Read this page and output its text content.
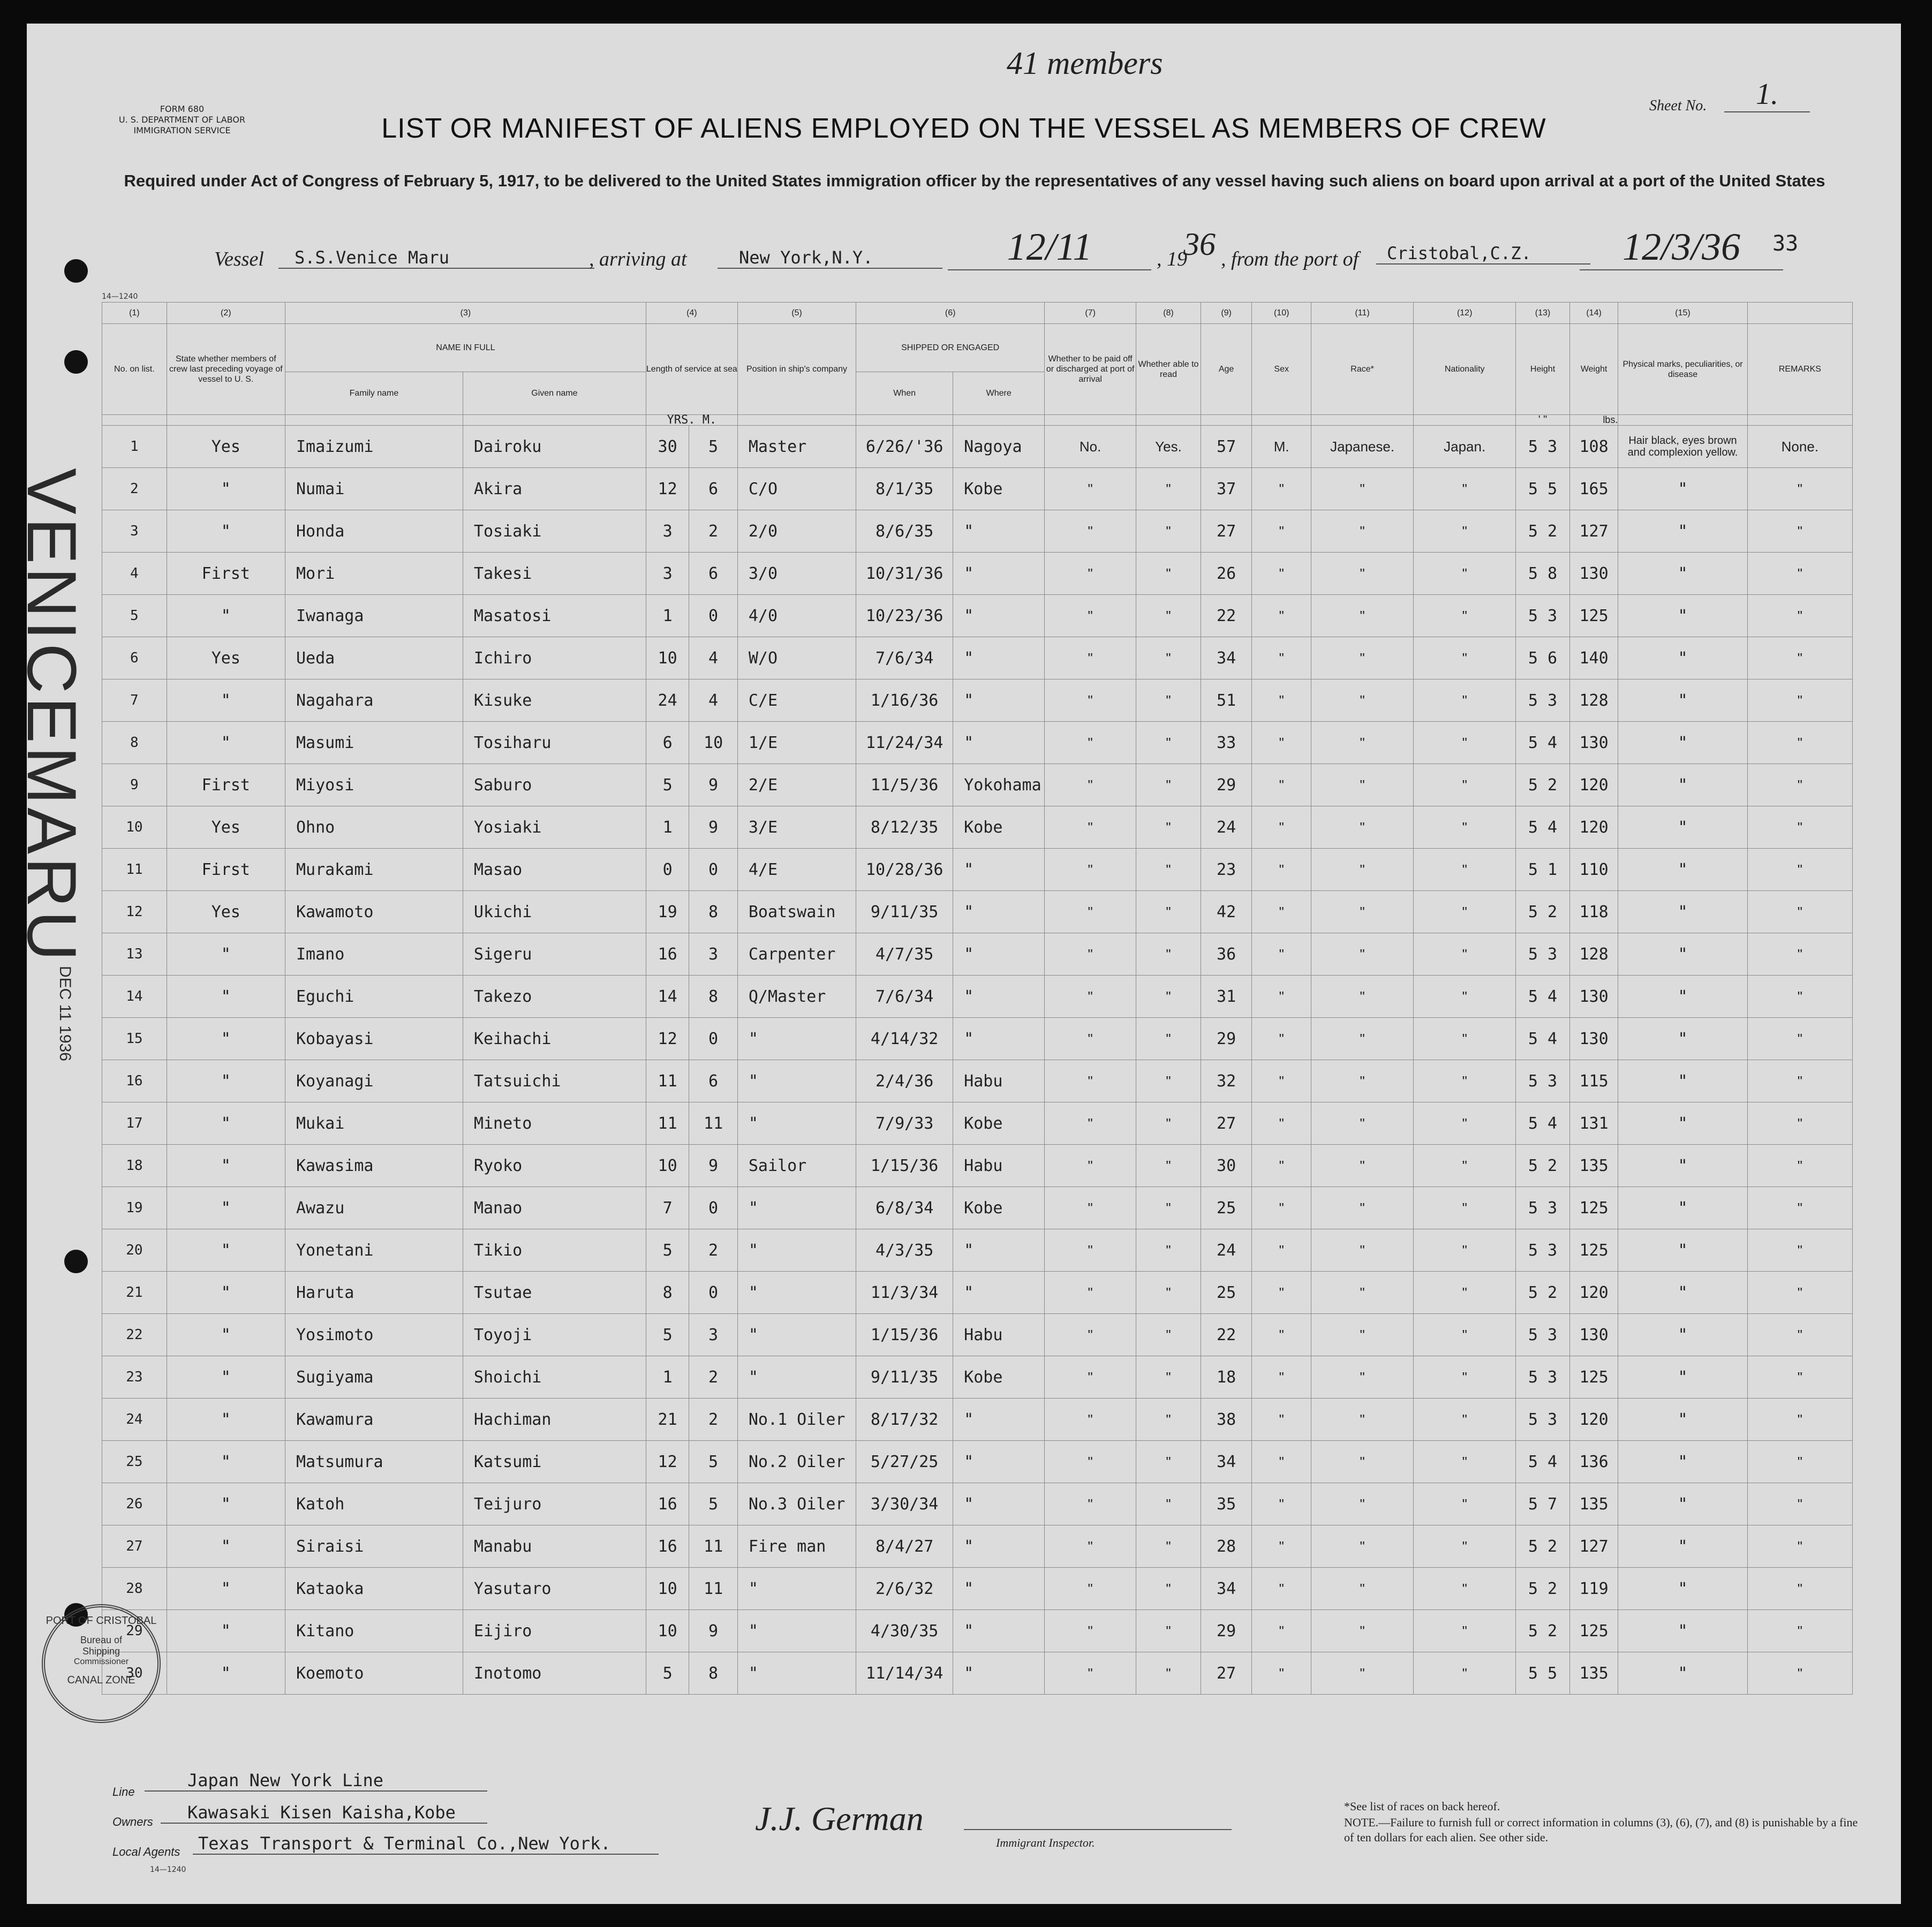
FORM 680
U. S. DEPARTMENT OF LABOR
IMMIGRATION SERVICE
41 members
Sheet No.	1.
LIST OR MANIFEST OF ALIENS EMPLOYED ON THE VESSEL AS MEMBERS OF CREW
Required under Act of Congress of February 5, 1917, to be delivered to the United States immigration officer by the representatives of any vessel having such aliens on board upon arrival at a port of the United States
Vessel	S.S.Venice Maru	, arriving at	New York,N.Y.	12/11	, 19
36 , from the port of	Cristobal,C.Z.	12/3/36	33
14—1240
VENICEMARU
DEC 11 1936
(1)	(2)	(3)		(4)		(5)	(6)		(7)	(8)	(9)	(10)	(11)	(12)	(13)	(14)	(15)	
No. on list.	State whether members of crew last preceding voyage of vessel to U. S.	NAME IN FULL		Length of service at sea		Position in ship's company	SHIPPED OR ENGAGED		Whether to be paid off or discharged at port of arrival	Whether able to read	Age	Sex	Race*	Nationality	Height	Weight	Physical marks, peculiarities, or disease	REMARKS
		Family name	Given name				When	Where										
				YRS. M.											' "	lbs.		
1	Yes	Imaizumi	Dairoku	30	5	Master	6/26/'36	Nagoya	No.	Yes.	57	M.	Japanese.	Japan.	5 3	108	Hair black, eyes brown and complexion yellow.	None.
2	"	Numai	Akira	12	6	C/O	8/1/35	Kobe	"	"	37	"	"	"	5 5	165	"	"
3	"	Honda	Tosiaki	3	2	2/0	8/6/35	"	"	"	27	"	"	"	5 2	127	"	"
4	First	Mori	Takesi	3	6	3/0	10/31/36	"	"	"	26	"	"	"	5 8	130	"	"
5	"	Iwanaga	Masatosi	1	0	4/0	10/23/36	"	"	"	22	"	"	"	5 3	125	"	"
6	Yes	Ueda	Ichiro	10	4	W/O	7/6/34	"	"	"	34	"	"	"	5 6	140	"	"
7	"	Nagahara	Kisuke	24	4	C/E	1/16/36	"	"	"	51	"	"	"	5 3	128	"	"
8	"	Masumi	Tosiharu	6	10	1/E	11/24/34	"	"	"	33	"	"	"	5 4	130	"	"
9	First	Miyosi	Saburo	5	9	2/E	11/5/36	Yokohama	"	"	29	"	"	"	5 2	120	"	"
10	Yes	Ohno	Yosiaki	1	9	3/E	8/12/35	Kobe	"	"	24	"	"	"	5 4	120	"	"
11	First	Murakami	Masao	0	0	4/E	10/28/36	"	"	"	23	"	"	"	5 1	110	"	"
12	Yes	Kawamoto	Ukichi	19	8	Boatswain	9/11/35	"	"	"	42	"	"	"	5 2	118	"	"
13	"	Imano	Sigeru	16	3	Carpenter	4/7/35	"	"	"	36	"	"	"	5 3	128	"	"
14	"	Eguchi	Takezo	14	8	Q/Master	7/6/34	"	"	"	31	"	"	"	5 4	130	"	"
15	"	Kobayasi	Keihachi	12	0	"	4/14/32	"	"	"	29	"	"	"	5 4	130	"	"
16	"	Koyanagi	Tatsuichi	11	6	"	2/4/36	Habu	"	"	32	"	"	"	5 3	115	"	"
17	"	Mukai	Mineto	11	11	"	7/9/33	Kobe	"	"	27	"	"	"	5 4	131	"	"
18	"	Kawasima	Ryoko	10	9	Sailor	1/15/36	Habu	"	"	30	"	"	"	5 2	135	"	"
19	"	Awazu	Manao	7	0	"	6/8/34	Kobe	"	"	25	"	"	"	5 3	125	"	"
20	"	Yonetani	Tikio	5	2	"	4/3/35	"	"	"	24	"	"	"	5 3	125	"	"
21	"	Haruta	Tsutae	8	0	"	11/3/34	"	"	"	25	"	"	"	5 2	120	"	"
22	"	Yosimoto	Toyoji	5	3	"	1/15/36	Habu	"	"	22	"	"	"	5 3	130	"	"
23	"	Sugiyama	Shoichi	1	2	"	9/11/35	Kobe	"	"	18	"	"	"	5 3	125	"	"
24	"	Kawamura	Hachiman	21	2	No.1 Oiler	8/17/32	"	"	"	38	"	"	"	5 3	120	"	"
25	"	Matsumura	Katsumi	12	5	No.2 Oiler	5/27/25	"	"	"	34	"	"	"	5 4	136	"	"
26	"	Katoh	Teijuro	16	5	No.3 Oiler	3/30/34	"	"	"	35	"	"	"	5 7	135	"	"
27	"	Siraisi	Manabu	16	11	Fire man	8/4/27	"	"	"	28	"	"	"	5 2	127	"	"
28	"	Kataoka	Yasutaro	10	11	"	2/6/32	"	"	"	34	"	"	"	5 2	119	"	"
29	"	Kitano	Eijiro	10	9	"	4/30/35	"	"	"	29	"	"	"	5 2	125	"	"
30	"	Koemoto	Inotomo	5	8	"	11/14/34	"	"	"	27	"	"	"	5 5	135	"	"
PORT OF CRISTOBAL
Bureau of
Shipping
Commissioner
CANAL ZONE
Line
Japan New York Line
Owners	Kawasaki Kisen Kaisha,Kobe
Local Agents	Texas Transport & Terminal Co.,New York.
14—1240
J.J. German
Immigrant Inspector.
*See list of races on back hereof.
NOTE.—Failure to furnish full or correct information in columns (3), (6), (7), and (8) is punishable by a fine of ten dollars for each alien. See other side.
